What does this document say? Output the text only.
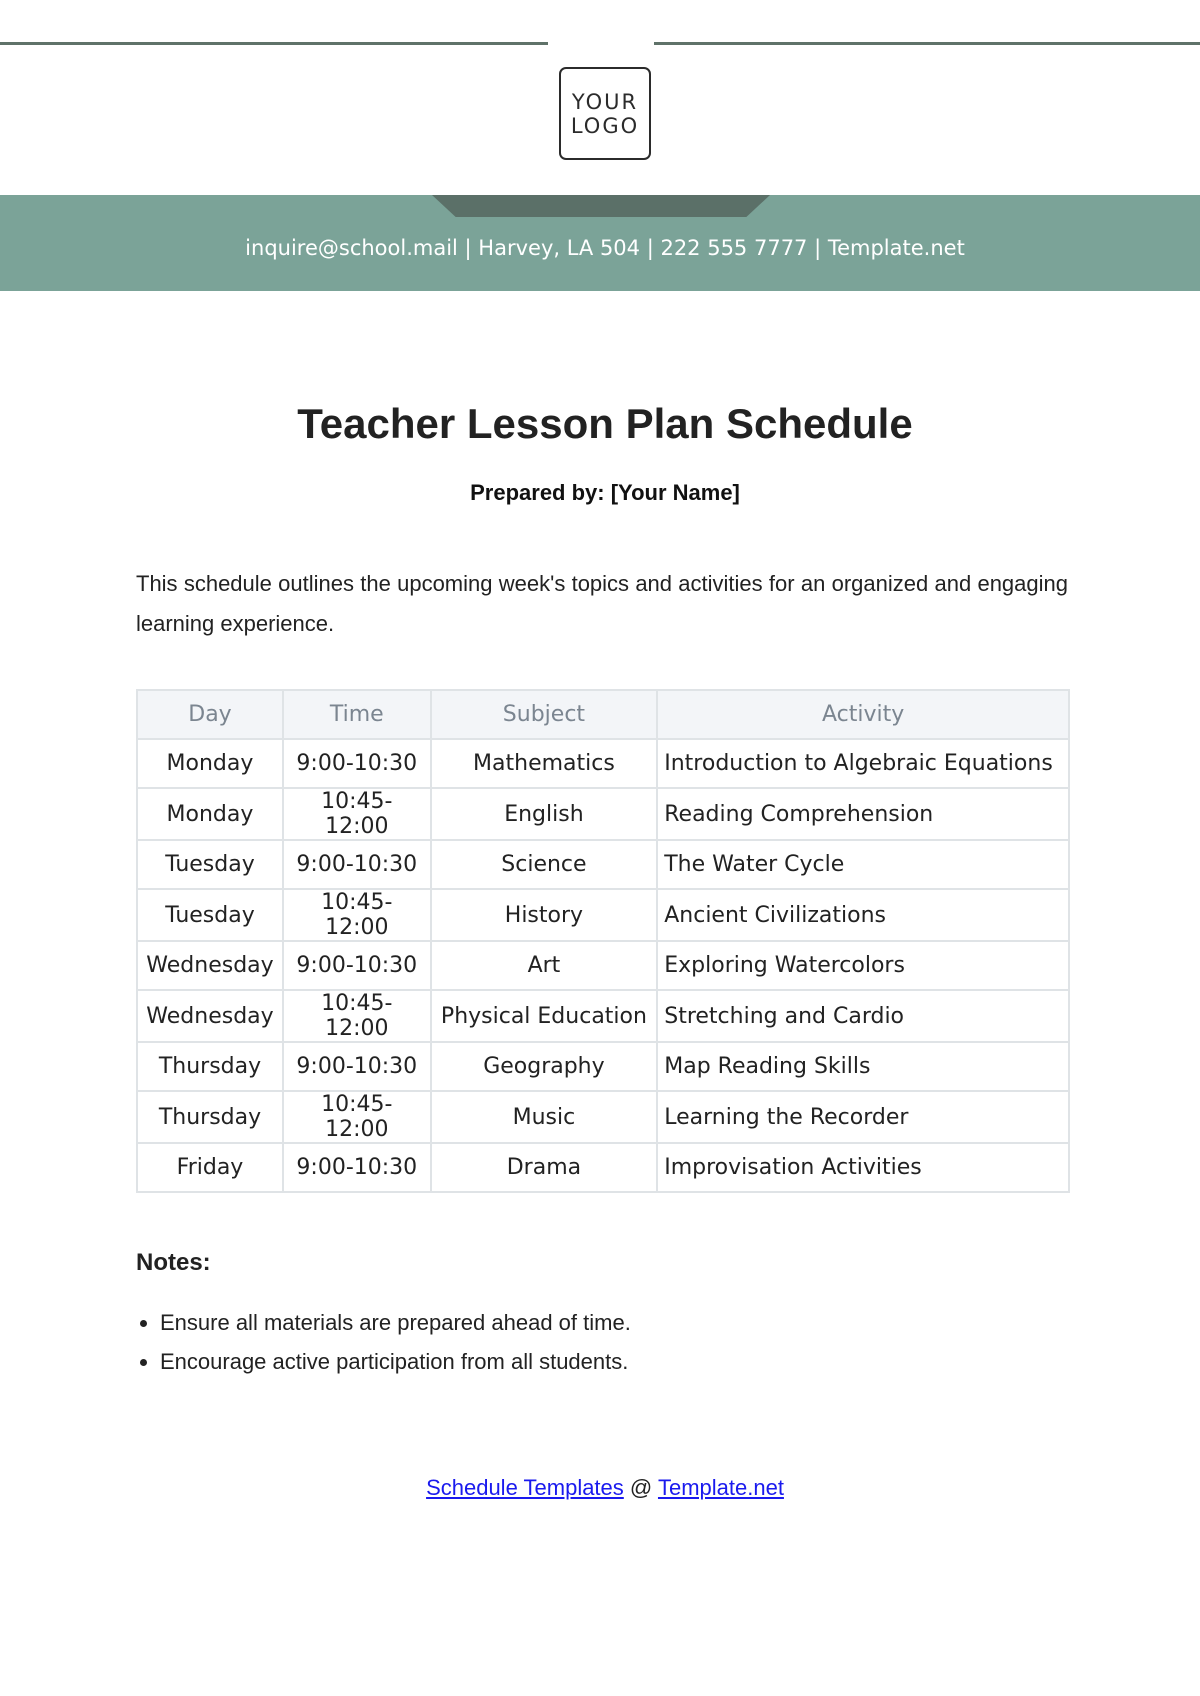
YOUR
LOGO
inquire@school.mail | Harvey, LA 504 | 222 555 7777 | Template.net
Teacher Lesson Plan Schedule
Prepared by: [Your Name]
This schedule outlines the upcoming week's topics and activities for an organized and engaging learning experience.
Day	Time	Subject	Activity
Monday	9:00-10:30	Mathematics	Introduction to Algebraic Equations
Monday	10:45-12:00	English	Reading Comprehension
Tuesday	9:00-10:30	Science	The Water Cycle
Tuesday	10:45-12:00	History	Ancient Civilizations
Wednesday	9:00-10:30	Art	Exploring Watercolors
Wednesday	10:45-12:00	Physical Education	Stretching and Cardio
Thursday	9:00-10:30	Geography	Map Reading Skills
Thursday	10:45-12:00	Music	Learning the Recorder
Friday	9:00-10:30	Drama	Improvisation Activities
Notes:
• Ensure all materials are prepared ahead of time.
• Encourage active participation from all students.
Schedule Templates @ Template.net
